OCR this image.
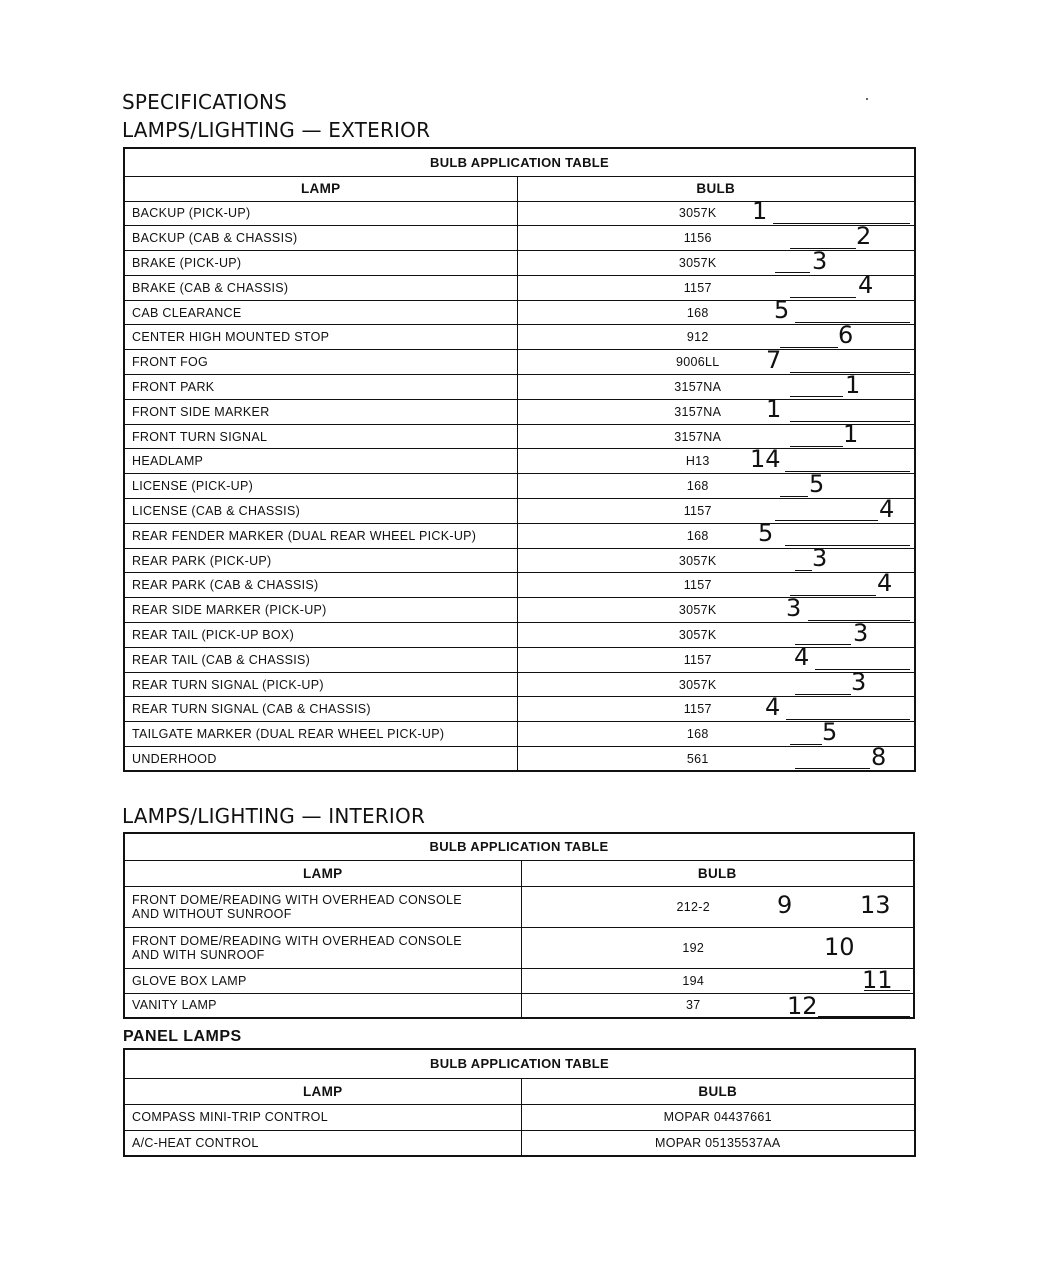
SPECIFICATIONS
LAMPS/LIGHTING — EXTERIOR
BULB APPLICATION TABLE	
LAMP	BULB
BACKUP (PICK-UP)	3057K
BACKUP (CAB & CHASSIS)	1156
BRAKE (PICK-UP)	3057K
BRAKE (CAB & CHASSIS)	1157
CAB CLEARANCE	168
CENTER HIGH MOUNTED STOP	912
FRONT FOG	9006LL
FRONT PARK	3157NA
FRONT SIDE MARKER	3157NA
FRONT TURN SIGNAL	3157NA
HEADLAMP	H13
LICENSE (PICK-UP)	168
LICENSE (CAB & CHASSIS)	1157
REAR FENDER MARKER (DUAL REAR WHEEL PICK-UP)	168
REAR PARK (PICK-UP)	3057K
REAR PARK (CAB & CHASSIS)	1157
REAR SIDE MARKER (PICK-UP)	3057K
REAR TAIL (PICK-UP BOX)	3057K
REAR TAIL (CAB & CHASSIS)	1157
REAR TURN SIGNAL (PICK-UP)	3057K
REAR TURN SIGNAL (CAB & CHASSIS)	1157
TAILGATE MARKER (DUAL REAR WHEEL PICK-UP)	168
UNDERHOOD	561
LAMPS/LIGHTING — INTERIOR
BULB APPLICATION TABLE	
LAMP	BULB

FRONT DOME/READING WITH OVERHEAD CONSOLE
AND WITHOUT SUNROOF	212-2

FRONT DOME/READING WITH OVERHEAD CONSOLE
AND WITH SUNROOF	192

GLOVE BOX LAMP	194

VANITY LAMP	37
PANEL LAMPS
BULB APPLICATION TABLE	
LAMP	BULB
COMPASS MINI-TRIP CONTROL	MOPAR 04437661
A/C-HEAT CONTROL	MOPAR 05135537AA
1
2
3
4
5
6
7
1
1
1
14
5
4
5
3
4
3
3
4
3
4
5
8
9	13
10
11
12
